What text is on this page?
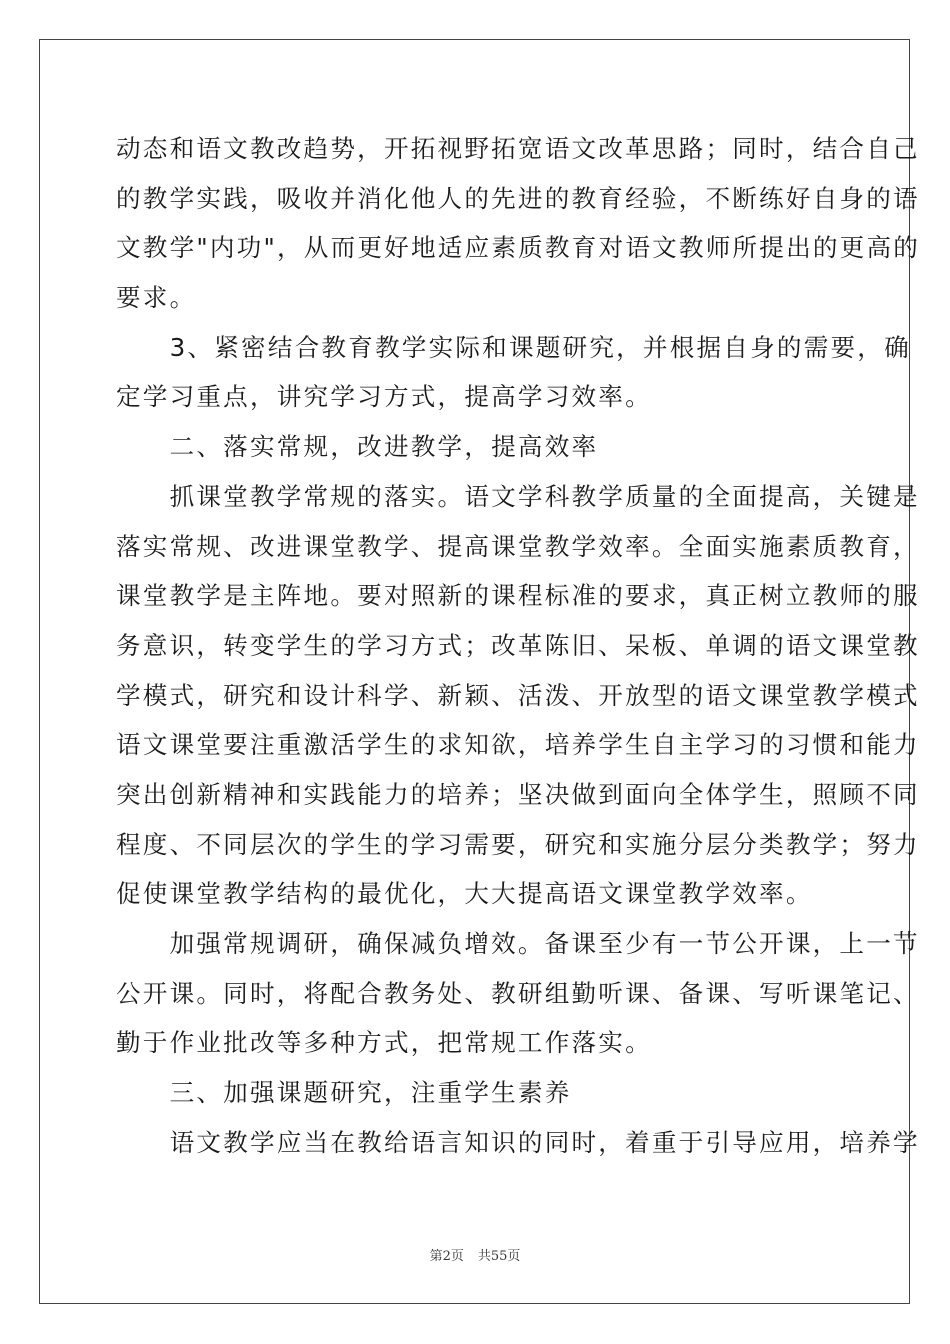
动态和语文教改趋势，开拓视野拓宽语文改革思路；同时，结合自己
的教学实践，吸收并消化他人的先进的教育经验，不断练好自身的语
文教学"内功"，从而更好地适应素质教育对语文教师所提出的更高的
要求。
　　3、紧密结合教育教学实际和课题研究，并根据自身的需要，确
定学习重点，讲究学习方式，提高学习效率。
　　二、落实常规，改进教学，提高效率
　　抓课堂教学常规的落实。语文学科教学质量的全面提高，关键是
落实常规、改进课堂教学、提高课堂教学效率。全面实施素质教育，
课堂教学是主阵地。要对照新的课程标准的要求，真正树立教师的服
务意识，转变学生的学习方式；改革陈旧、呆板、单调的语文课堂教
学模式，研究和设计科学、新颖、活泼、开放型的语文课堂教学模式
语文课堂要注重激活学生的求知欲，培养学生自主学习的习惯和能力
突出创新精神和实践能力的培养；坚决做到面向全体学生，照顾不同
程度、不同层次的学生的学习需要，研究和实施分层分类教学；努力
促使课堂教学结构的最优化，大大提高语文课堂教学效率。
　　加强常规调研，确保减负增效。备课至少有一节公开课，上一节
公开课。同时，将配合教务处、教研组勤听课、备课、写听课笔记、
勤于作业批改等多种方式，把常规工作落实。
　　三、加强课题研究，注重学生素养
　　语文教学应当在教给语言知识的同时，着重于引导应用，培养学
第2页 共55页
